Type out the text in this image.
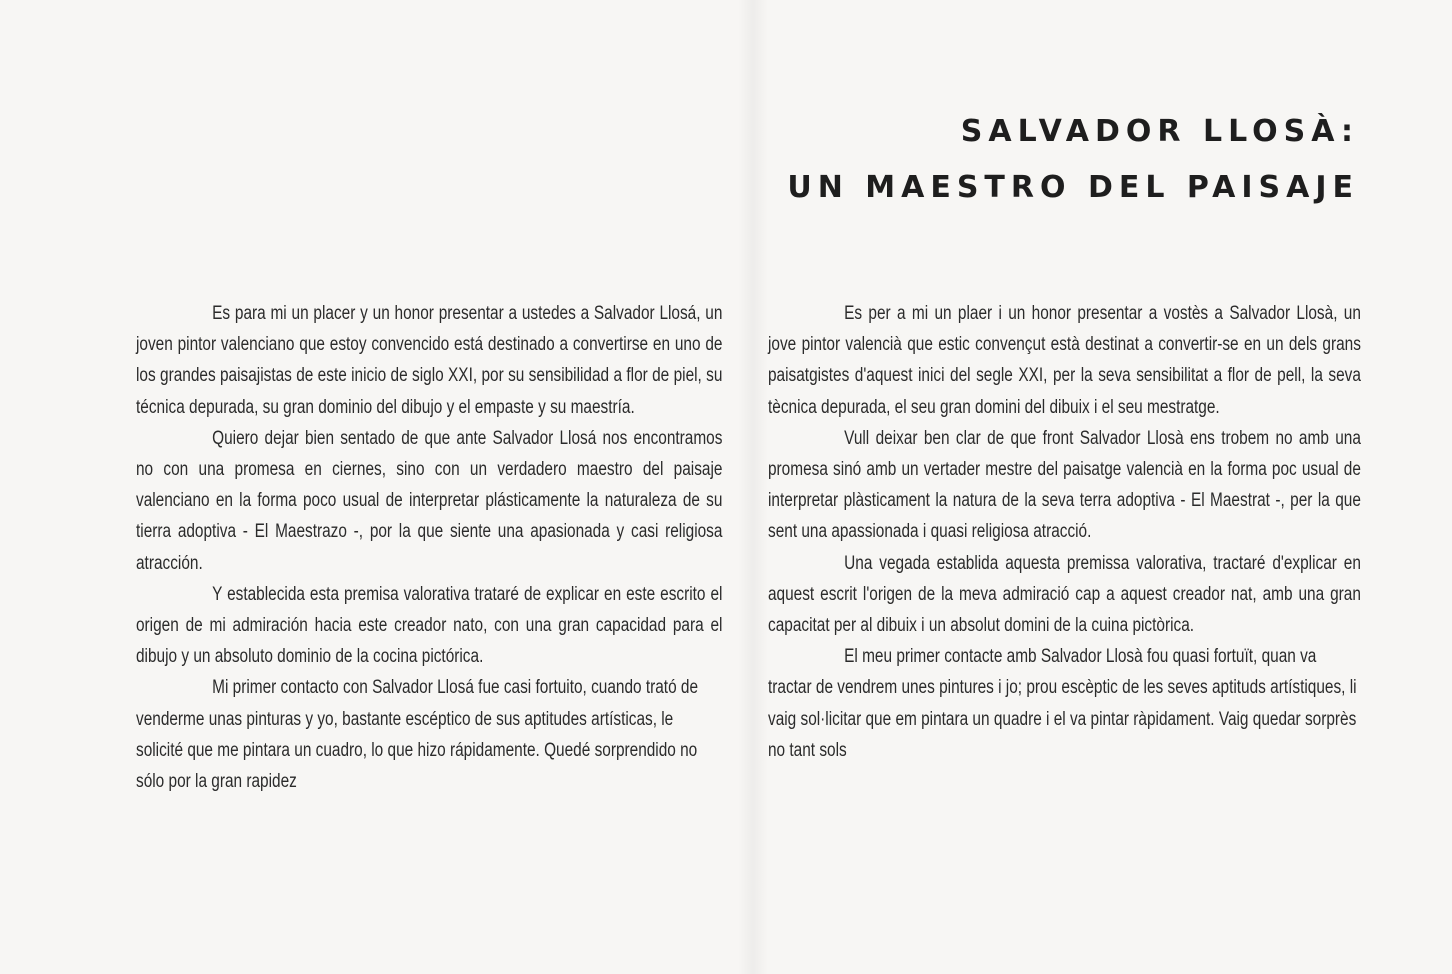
SALVADOR LLOSÀ:
UN MAESTRO DEL PAISAJE

Es para mi un placer y un honor presentar a ustedes a Salvador Llosá, un joven pintor valenciano que estoy convencido está destinado a convertirse en uno de los grandes paisajistas de este inicio de siglo XXI, por su sensibilidad a flor de piel, su técnica depurada, su gran dominio del dibujo y el empaste y su maestría.

Quiero dejar bien sentado de que ante Salvador Llosá nos encontramos no con una promesa en ciernes, sino con un verdadero maestro del paisaje valenciano en la forma poco usual de interpretar plásticamente la naturaleza de su tierra adoptiva - El Maestrazo -, por la que siente una apasionada y casi religiosa atracción.

Y establecida esta premisa valorativa trataré de explicar en este escrito el origen de mi admiración hacia este creador nato, con una gran capacidad para el dibujo y un absoluto dominio de la cocina pictórica.

Mi primer contacto con Salvador Llosá fue casi fortuito, cuando trató de venderme unas pinturas y yo, bastante escéptico de sus aptitudes artísticas, le solicité que me pintara un cuadro, lo que hizo rápidamente. Quedé sorprendido no sólo por la gran rapidez

Es per a mi un plaer i un honor presentar a vostès a Salvador Llosà, un jove pintor valencià que estic convençut està destinat a convertir-se en un dels grans paisatgistes d'aquest inici del segle XXI, per la seva sensibilitat a flor de pell, la seva tècnica depurada, el seu gran domini del dibuix i el seu mestratge.

Vull deixar ben clar de que front Salvador Llosà ens trobem no amb una promesa sinó amb un vertader mestre del paisatge valencià en la forma poc usual de interpretar plàsticament la natura de la seva terra adoptiva - El Maestrat -, per la que sent una apassionada i quasi religiosa atracció.

Una vegada establida aquesta premissa valorativa, tractaré d'explicar en aquest escrit l'origen de la meva admiració cap a aquest creador nat, amb una gran capacitat per al dibuix i un absolut domini de la cuina pictòrica.

El meu primer contacte amb Salvador Llosà fou quasi fortuït, quan va tractar de vendrem unes pintures i jo; prou escèptic de les seves aptituds artístiques, li vaig sol·licitar que em pintara un quadre i el va pintar ràpidament. Vaig quedar sorprès no tant sols
